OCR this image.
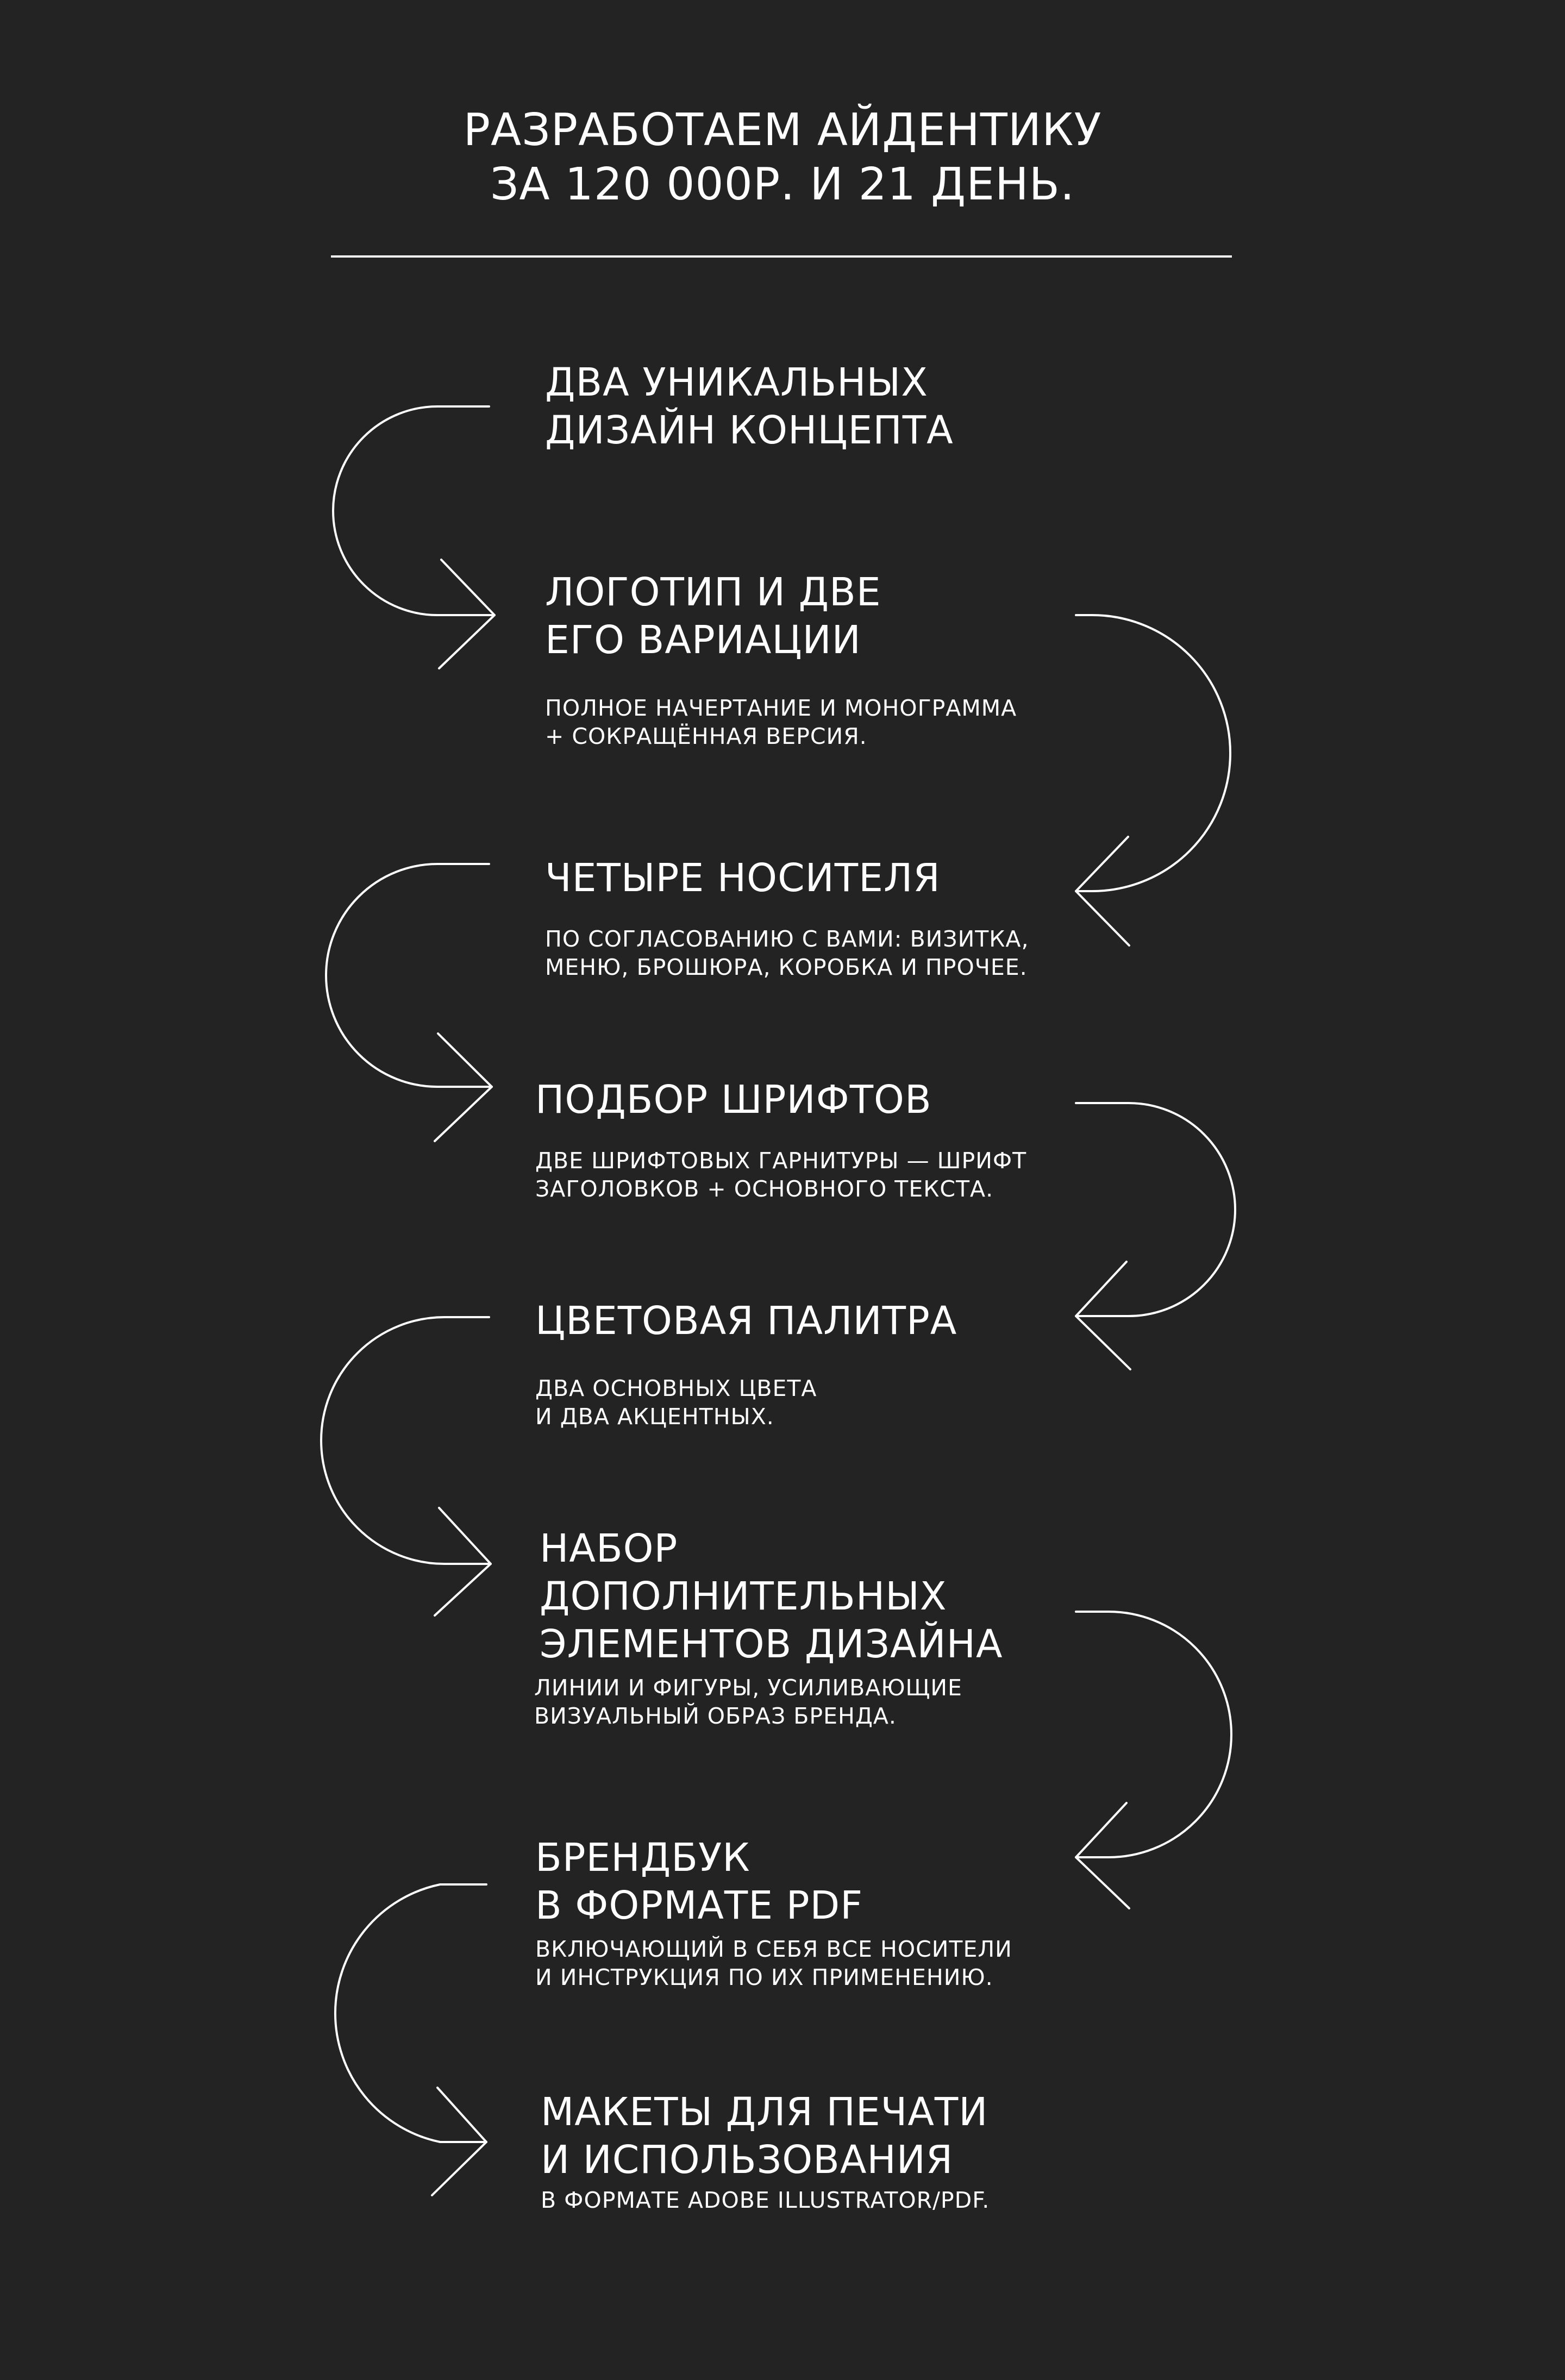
РАЗРАБОТАЕМ АЙДЕНТИКУ
ЗА 120 000Р. И 21 ДЕНЬ.
ДВА УНИКАЛЬНЫХ
ДИЗАЙН КОНЦЕПТА
ЛОГОТИП И ДВЕ
ЕГО ВАРИАЦИИ
ПОЛНОЕ НАЧЕРТАНИЕ И МОНОГРАММА
+ СОКРАЩЁННАЯ ВЕРСИЯ.
ЧЕТЫРЕ НОСИТЕЛЯ
ПО СОГЛАСОВАНИЮ С ВАМИ: ВИЗИТКА,
МЕНЮ, БРОШЮРА, КОРОБКА И ПРОЧЕЕ.
ПОДБОР ШРИФТОВ
ДВЕ ШРИФТОВЫХ ГАРНИТУРЫ — ШРИФТ
ЗАГОЛОВКОВ + ОСНОВНОГО ТЕКСТА.
ЦВЕТОВАЯ ПАЛИТРА
ДВА ОСНОВНЫХ ЦВЕТА
И ДВА АКЦЕНТНЫХ.
НАБОР
ДОПОЛНИТЕЛЬНЫХ
ЭЛЕМЕНТОВ ДИЗАЙНА
ЛИНИИ И ФИГУРЫ, УСИЛИВАЮЩИЕ
ВИЗУАЛЬНЫЙ ОБРАЗ БРЕНДА.
БРЕНДБУК
В ФОРМАТЕ PDF
ВКЛЮЧАЮЩИЙ В СЕБЯ ВСЕ НОСИТЕЛИ
И ИНСТРУКЦИЯ ПО ИХ ПРИМЕНЕНИЮ.
МАКЕТЫ ДЛЯ ПЕЧАТИ
И ИСПОЛЬЗОВАНИЯ
В ФОРМАТЕ ADOBE ILLUSTRATOR/PDF.
